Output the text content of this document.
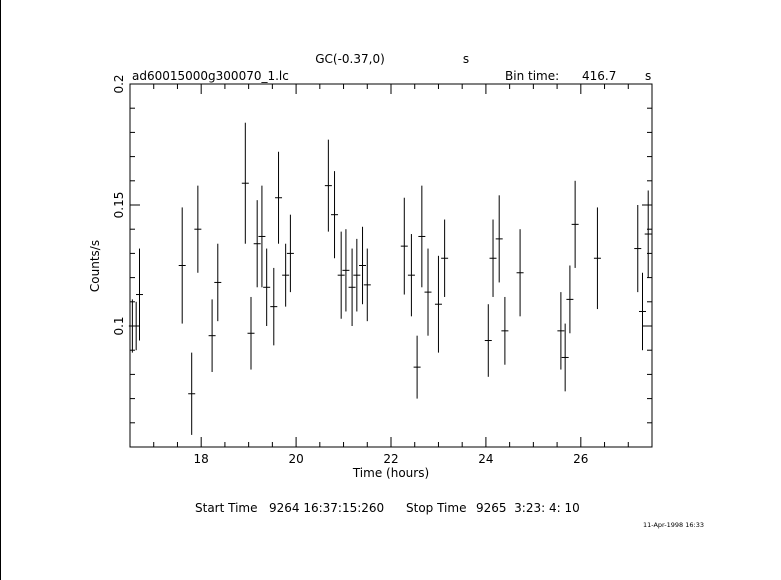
GC(-0.37,0)	s
ad60015000g300070_1.lc	Bin time: 416.7 s
18	20	22	24	26
0.1
0.15
0.2
Time (hours)
Counts/s
Start Time 9264 16:37:15:260 Stop Time 9265  3:23: 4: 10
11-Apr-1998 16:33
